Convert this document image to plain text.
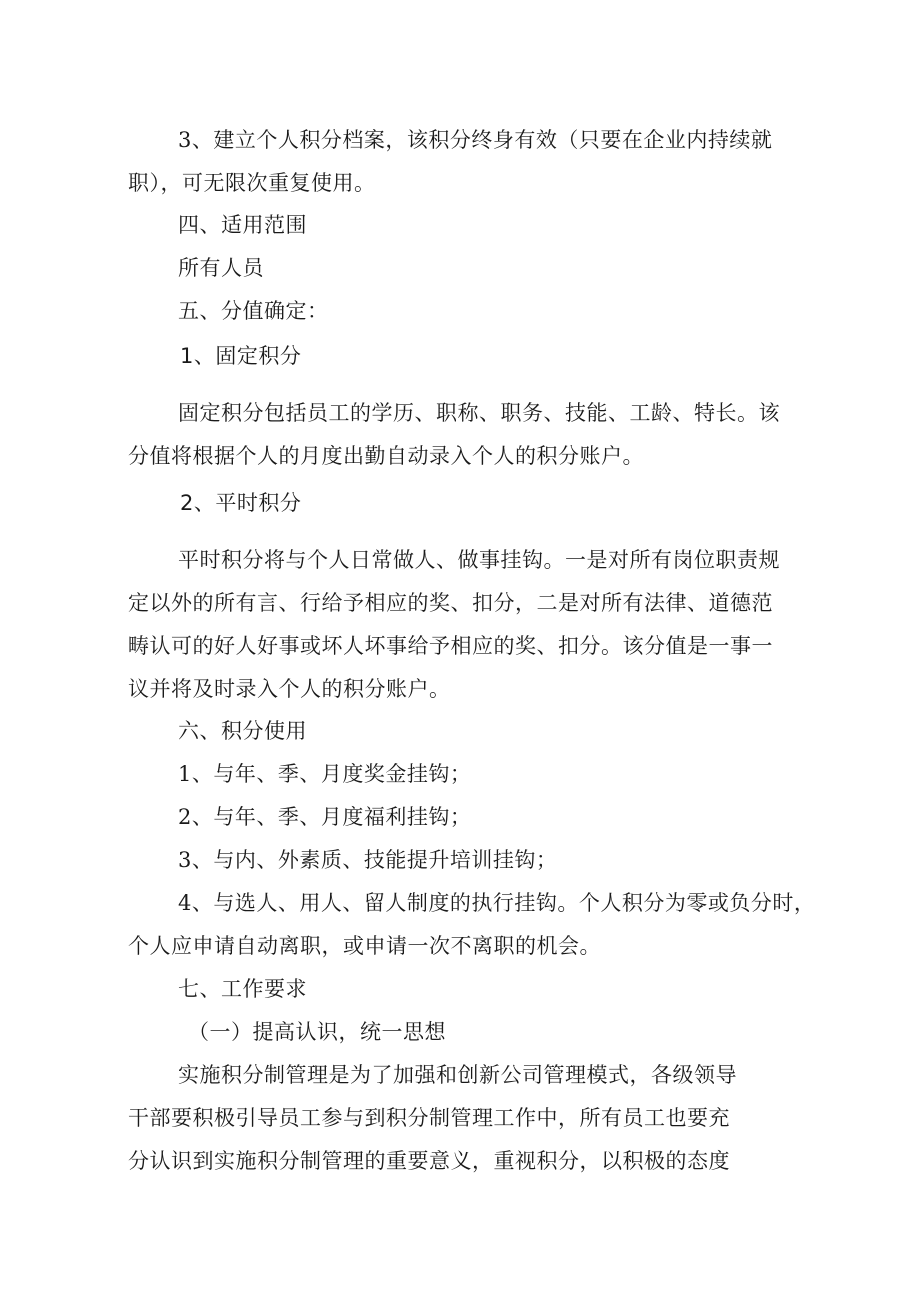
3、建立个人积分档案，该积分终身有效（只要在企业内持续就
职），可无限次重复使用。
四、适用范围
所有人员
五、分值确定：
1、固定积分
固定积分包括员工的学历、职称、职务、技能、工龄、特长。该
分值将根据个人的月度出勤自动录入个人的积分账户。
2、平时积分
平时积分将与个人日常做人、做事挂钩。一是对所有岗位职责规
定以外的所有言、行给予相应的奖、扣分，二是对所有法律、道德范
畴认可的好人好事或坏人坏事给予相应的奖、扣分。该分值是一事一
议并将及时录入个人的积分账户。
六、积分使用
1、与年、季、月度奖金挂钩；
2、与年、季、月度福利挂钩；
3、与内、外素质、技能提升培训挂钩；
4、与选人、用人、留人制度的执行挂钩。个人积分为零或负分时，
个人应申请自动离职，或申请一次不离职的机会。
七、工作要求
（一）提高认识，统一思想
实施积分制管理是为了加强和创新公司管理模式，各级领导
干部要积极引导员工参与到积分制管理工作中，所有员工也要充
分认识到实施积分制管理的重要意义，重视积分，以积极的态度
